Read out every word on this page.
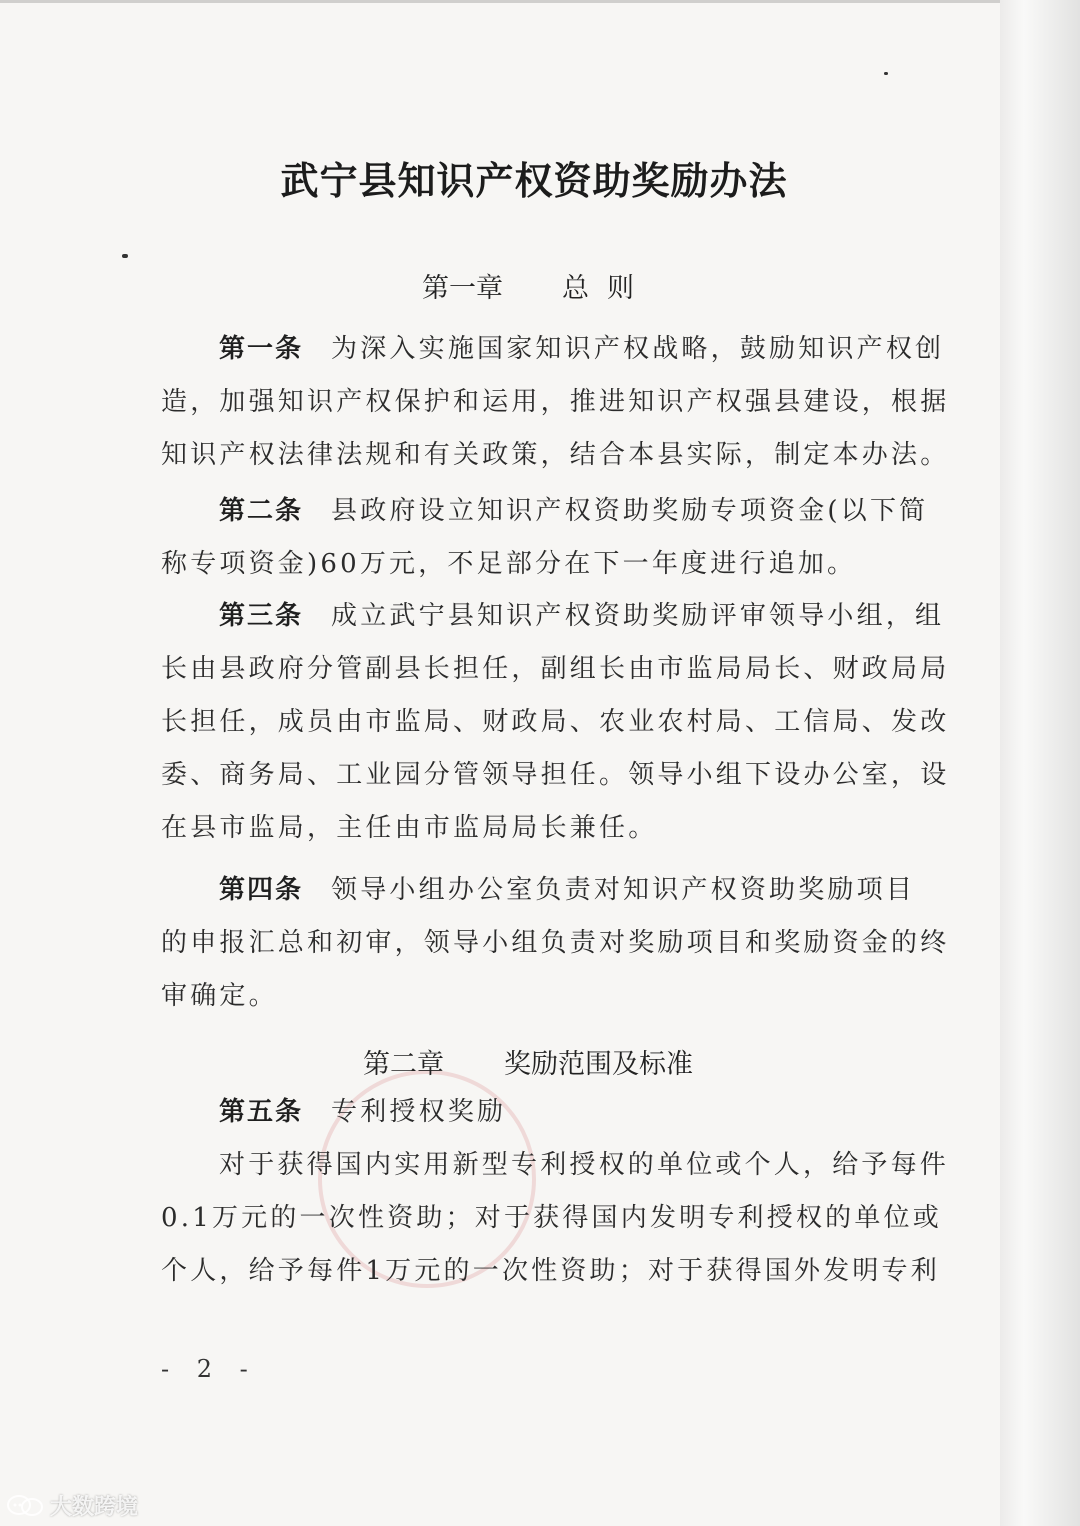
武宁县知识产权资助奖励办法
第一章 总则
第一条 为深入实施国家知识产权战略，鼓励知识产权创
造，加强知识产权保护和运用，推进知识产权强县建设，根据
知识产权法律法规和有关政策，结合本县实际，制定本办法。
第二条 县政府设立知识产权资助奖励专项资金(以下简
称专项资金)60万元，不足部分在下一年度进行追加。
第三条 成立武宁县知识产权资助奖励评审领导小组，组
长由县政府分管副县长担任，副组长由市监局局长、财政局局
长担任，成员由市监局、财政局、农业农村局、工信局、发改
委、商务局、工业园分管领导担任。领导小组下设办公室，设
在县市监局，主任由市监局局长兼任。
第四条 领导小组办公室负责对知识产权资助奖励项目
的申报汇总和初审，领导小组负责对奖励项目和奖励资金的终
审确定。
第二章 奖励范围及标准
第五条 专利授权奖励
对于获得国内实用新型专利授权的单位或个人，给予每件
0.1万元的一次性资助；对于获得国内发明专利授权的单位或
个人，给予每件1万元的一次性资助；对于获得国外发明专利
- 2 -
大数跨境
